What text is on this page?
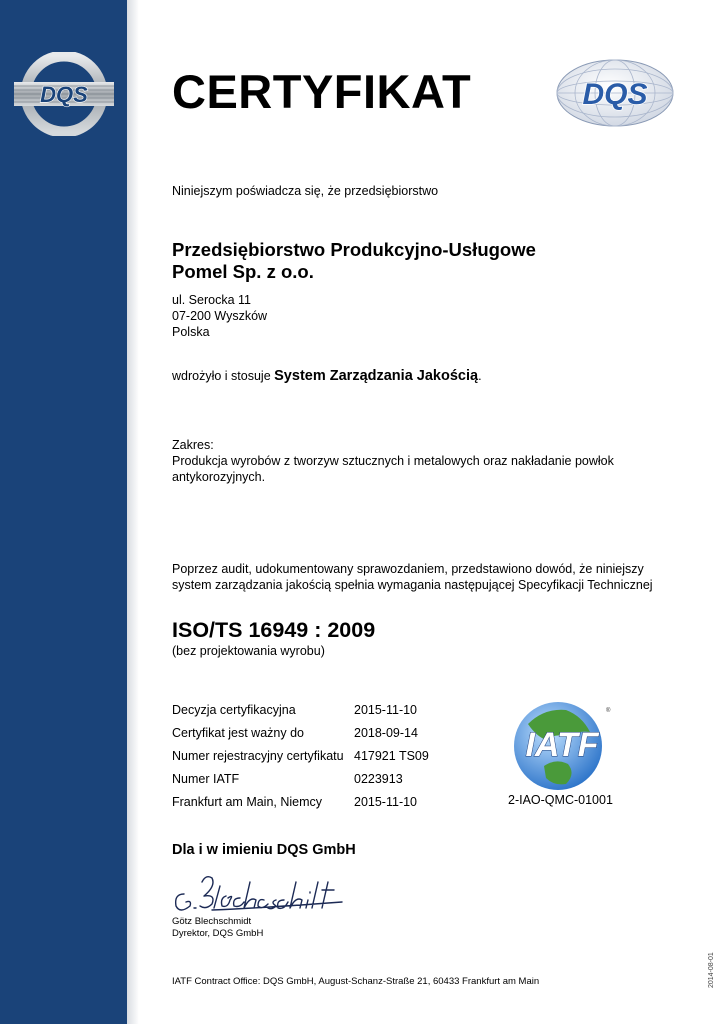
DQS CERTYFIKAT	DQS
Niniejszym poświadcza się, że przedsiębiorstwo
Przedsiębiorstwo Produkcyjno-Usługowe
Pomel Sp. z o.o.
ul. Serocka 11
07-200 Wyszków
Polska
wdrożyło i stosuje System Zarządzania Jakością.
Zakres:
Produkcja wyrobów z tworzyw sztucznych i metalowych oraz nakładanie powłok antykorozyjnych.
Poprzez audit, udokumentowany sprawozdaniem, przedstawiono dowód, że niniejszy system zarządzania jakością spełnia wymagania następującej Specyfikacji Technicznej
ISO/TS 16949 : 2009
(bez projektowania wyrobu)
Decyzja certyfikacyjna	2015-11-10
Certyfikat jest ważny do	2018-09-14
Numer rejestracyjny certyfikatu	417921 TS09
Numer IATF	0223913
Frankfurt am Main, Niemcy	2015-11-10
IATF
®
2-IAO-QMC-01001
Dla i w imieniu DQS GmbH
Götz Blechschmidt
Dyrektor, DQS GmbH
IATF Contract Office: DQS GmbH, August-Schanz-Straße 21, 60433 Frankfurt am Main	2014-08-01
